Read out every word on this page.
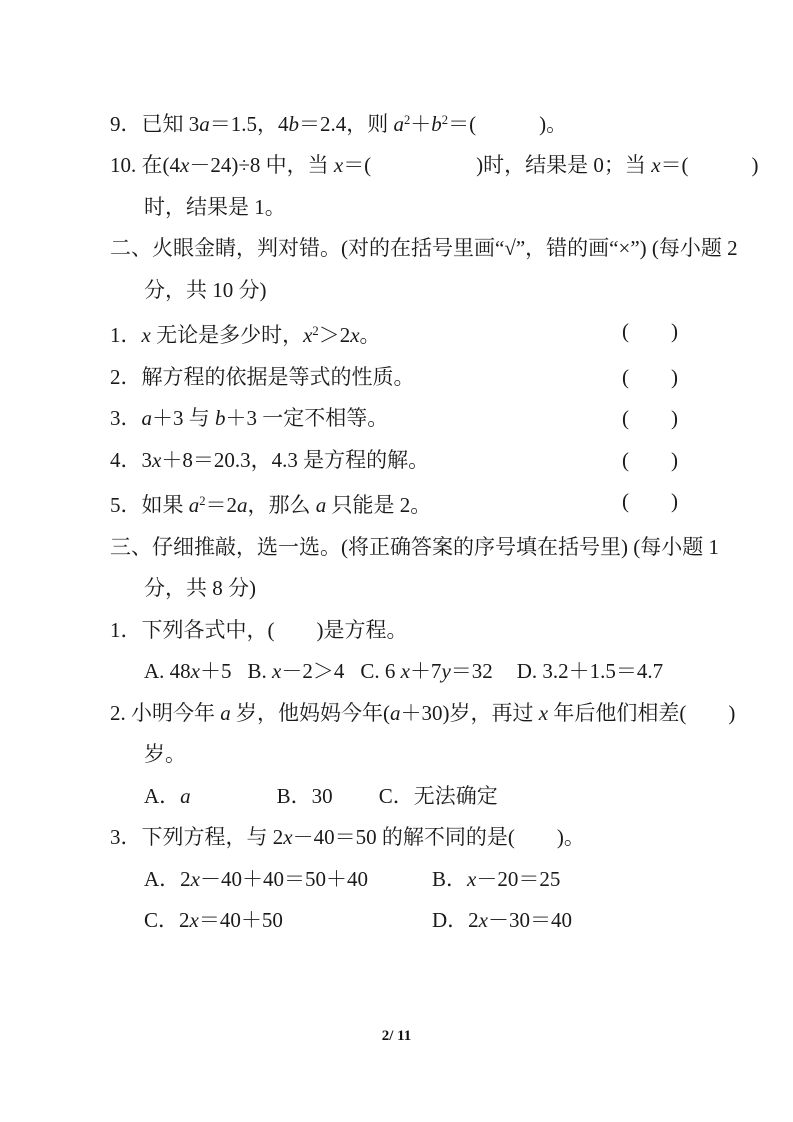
9．已知 3a＝1.5，4b＝2.4，则 $a^2+b^2=$(　　　)。
10. 在(4x－24)÷8 中，当 x＝(　　　　　)时，结果是 0；当 x＝(　　　)
时，结果是 1。
二、火眼金睛，判对错。(对的在括号里画“√”，错的画“×”) (每小题 2
分，共 10 分)
1．x 无论是多少时，$x^2>2x$。	(　　)
2．解方程的依据是等式的性质。	(　　)
3．a＋3 与 b＋3 一定不相等。	(　　)
4．3x＋8＝20.3，4.3 是方程的解。	(　　)
5．如果 $a^2=2a$，那么 a 只能是 2。	(　　)
三、仔细推敲，选一选。(将正确答案的序号填在括号里) (每小题 1
分，共 8 分)
1．下列各式中，(　　)是方程。
A. 48x＋5 B. x－2＞4 C. 6 x＋7y＝32 D. 3.2＋1.5＝4.7
2. 小明今年 a 岁，他妈妈今年(a＋30)岁，再过 x 年后他们相差(　　)
岁。
A．a	B．30 C．无法确定
3．下列方程，与 2x－40＝50 的解不同的是(　　)。
A．2x－40＋40＝50＋40	B．x－20＝25
C．2x＝40＋50	D．2x－30＝40
2/ 11
